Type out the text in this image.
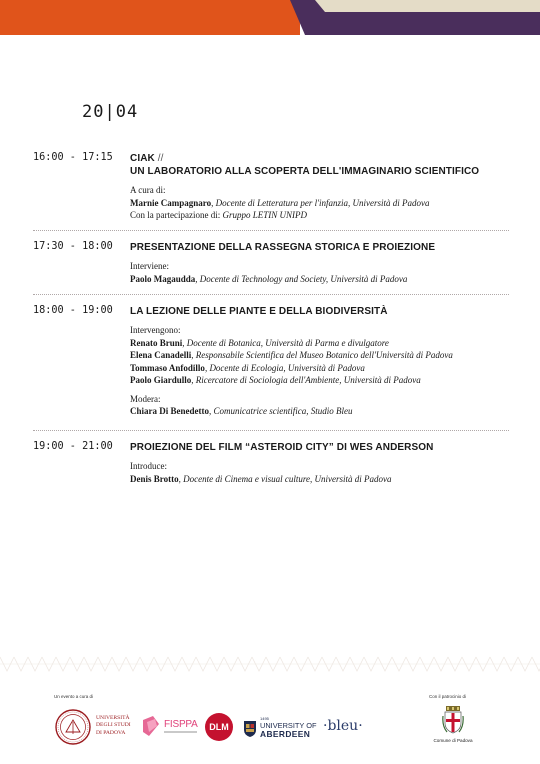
20|04
16:00 - 17:15	CIAK //
UN LABORATORIO ALLA SCOPERTA DELL'IMMAGINARIO SCIENTIFICO
A cura di:
Marnie Campagnaro, Docente di Letteratura per l'infanzia, Università di Padova
Con la partecipazione di: Gruppo LETIN UNIPD
17:30 - 18:00	PRESENTAZIONE DELLA RASSEGNA STORICA E PROIEZIONE
Interviene:
Paolo Magaudda, Docente di Technology and Society, Università di Padova
18:00 - 19:00	LA LEZIONE DELLE PIANTE E DELLA BIODIVERSITÀ
Intervengono:
Renato Bruni, Docente di Botanica, Università di Parma e divulgatore
Elena Canadelli, Responsabile Scientifica del Museo Botanico dell'Università di Padova
Tommaso Anfodillo, Docente di Ecologia, Università di Padova
Paolo Giardullo, Ricercatore di Sociologia dell'Ambiente, Università di Padova
Modera:
Chiara Di Benedetto, Comunicatrice scientifica, Studio Bleu
19:00 - 21:00	PROIEZIONE DEL FILM “ASTEROID CITY” DI WES ANDERSON
Introduce:
Denis Brotto, Docente di Cinema e visual culture, Università di Padova
Un evento a cura di	Con il patrocinio di
UNIVERSITÀ
DEGLI STUDI
DI PADOVA
FISPPA	DLM
1495
UNIVERSITY OF
ABERDEEN ·bleu·
Comune di Padova
